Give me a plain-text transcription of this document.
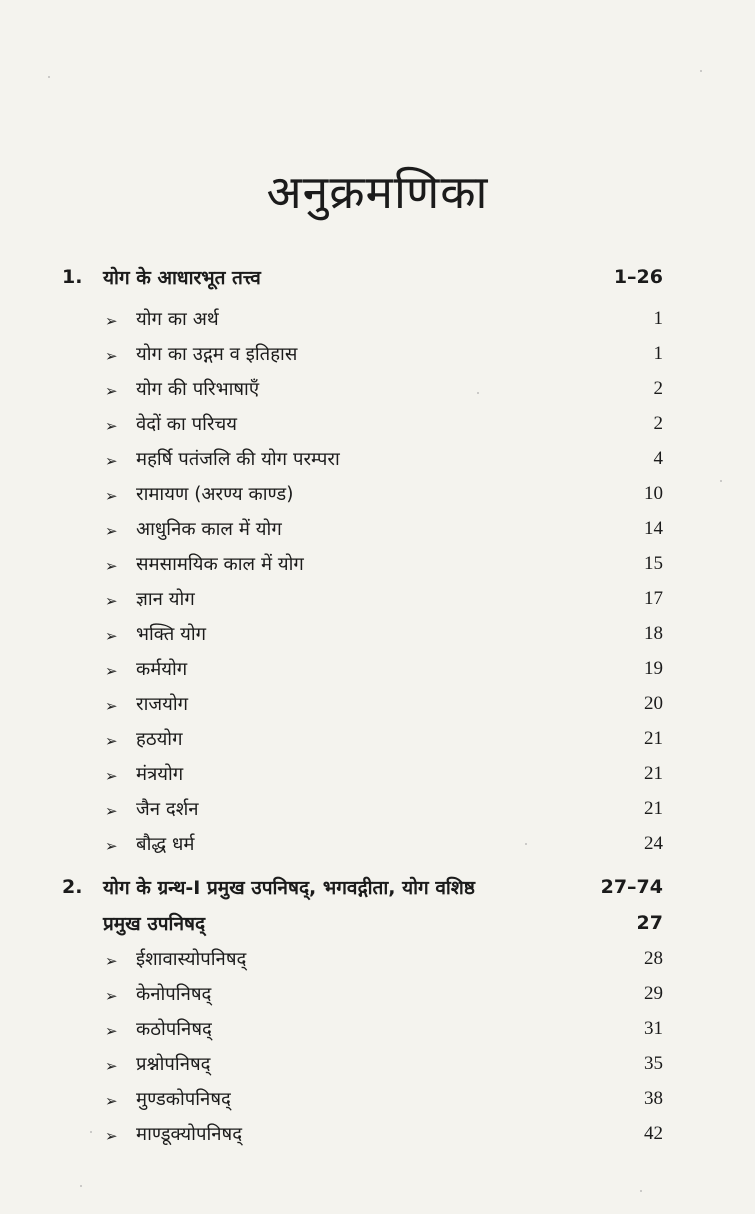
अनुक्रमणिका
1. योग के आधारभूत तत्त्व	1–26
➢ योग का अर्थ	1
➢ योग का उद्गम व इतिहास	1
➢ योग की परिभाषाएँ	2
➢ वेदों का परिचय	2
➢ महर्षि पतंजलि की योग परम्परा	4
➢ रामायण (अरण्य काण्ड)	10
➢ आधुनिक काल में योग	14
➢ समसामयिक काल में योग	15
➢ ज्ञान योग	17
➢ भक्ति योग	18
➢ कर्मयोग	19
➢ राजयोग	20
➢ हठयोग	21
➢ मंत्रयोग	21
➢ जैन दर्शन	21
➢ बौद्ध धर्म	24
2. योग के ग्रन्थ-I प्रमुख उपनिषद्, भगवद्गीता, योग वशिष्ठ	27–74
प्रमुख उपनिषद्	27
➢ ईशावास्योपनिषद्	28
➢ केनोपनिषद्	29
➢ कठोपनिषद्	31
➢ प्रश्नोपनिषद्	35
➢ मुण्डकोपनिषद्	38
➢ माण्डूक्योपनिषद्	42
